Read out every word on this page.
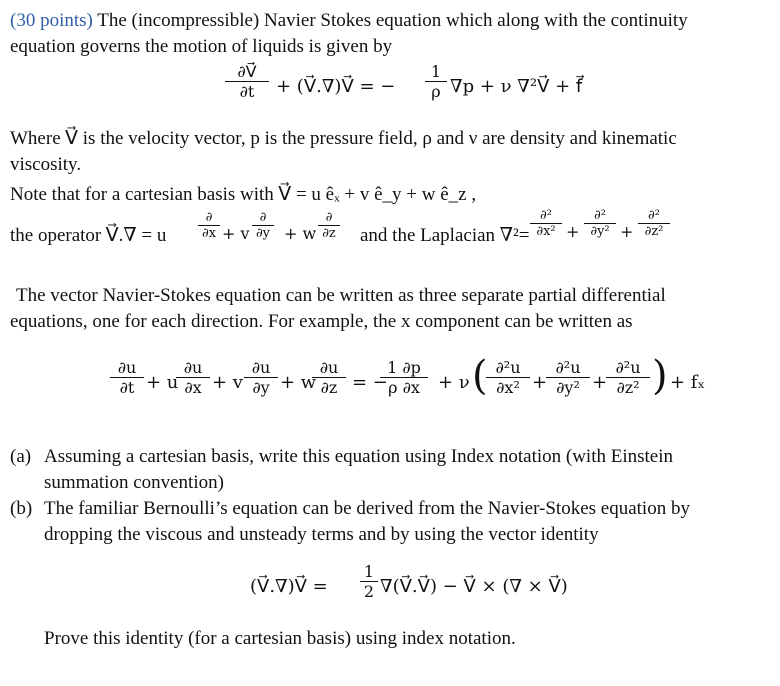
(30 points) The (incompressible) Navier Stokes equation which along with the continuity
equation governs the motion of liquids is given by
$\frac{\partial V⃗}{\partial t}$ + (V⃗.∇)V⃗ = − $\frac{1}{\rho} \nabla p + \nu$ ∇²V⃗ + f⃗
Where V⃗ is the velocity vector, p is the pressure field, ρ and ν are density and kinematic
viscosity.
Note that for a cartesian basis with V⃗ = u êₓ + v ê_y + w ê_z ,
the operator V⃗.∇ = u
∂
∂x + v
∂
∂y + w
∂
∂z and the Laplacian ∇²=
∂²
∂x² +
∂²
∂y² +
∂²
∂z²
The vector Navier-Stokes equation can be written as three separate partial differential
equations, one for each direction. For example, the x component can be written as
$\frac{\partial u}{\partial t} + u$
$\frac{\partial u}{\partial x} + v \frac{\partial u}{\partial y} + w$
$\frac{\partial u}{\partial z}$ = −
$\frac{1 \partial p}{\rho \partial x} + \nu$ (
$\frac{\text{∂²u}}{\text{∂x²}}$ +
$\frac{\text{∂²u}}{\text{∂y²}}$ +
$\frac{\text{∂²u}}{\text{∂z²}}$ ) + fₓ
(a) Assuming a cartesian basis, write this equation using Index notation (with Einstein
summation convention)
(b) The familiar Bernoulli’s equation can be derived from the Navier-Stokes equation by
dropping the viscous and unsteady terms and by using the vector identity
(V⃗.∇)V⃗ = $\frac{1}{2}$ ∇(V⃗.V⃗) − V⃗ × (∇ × V⃗)
Prove this identity (for a cartesian basis) using index notation.
